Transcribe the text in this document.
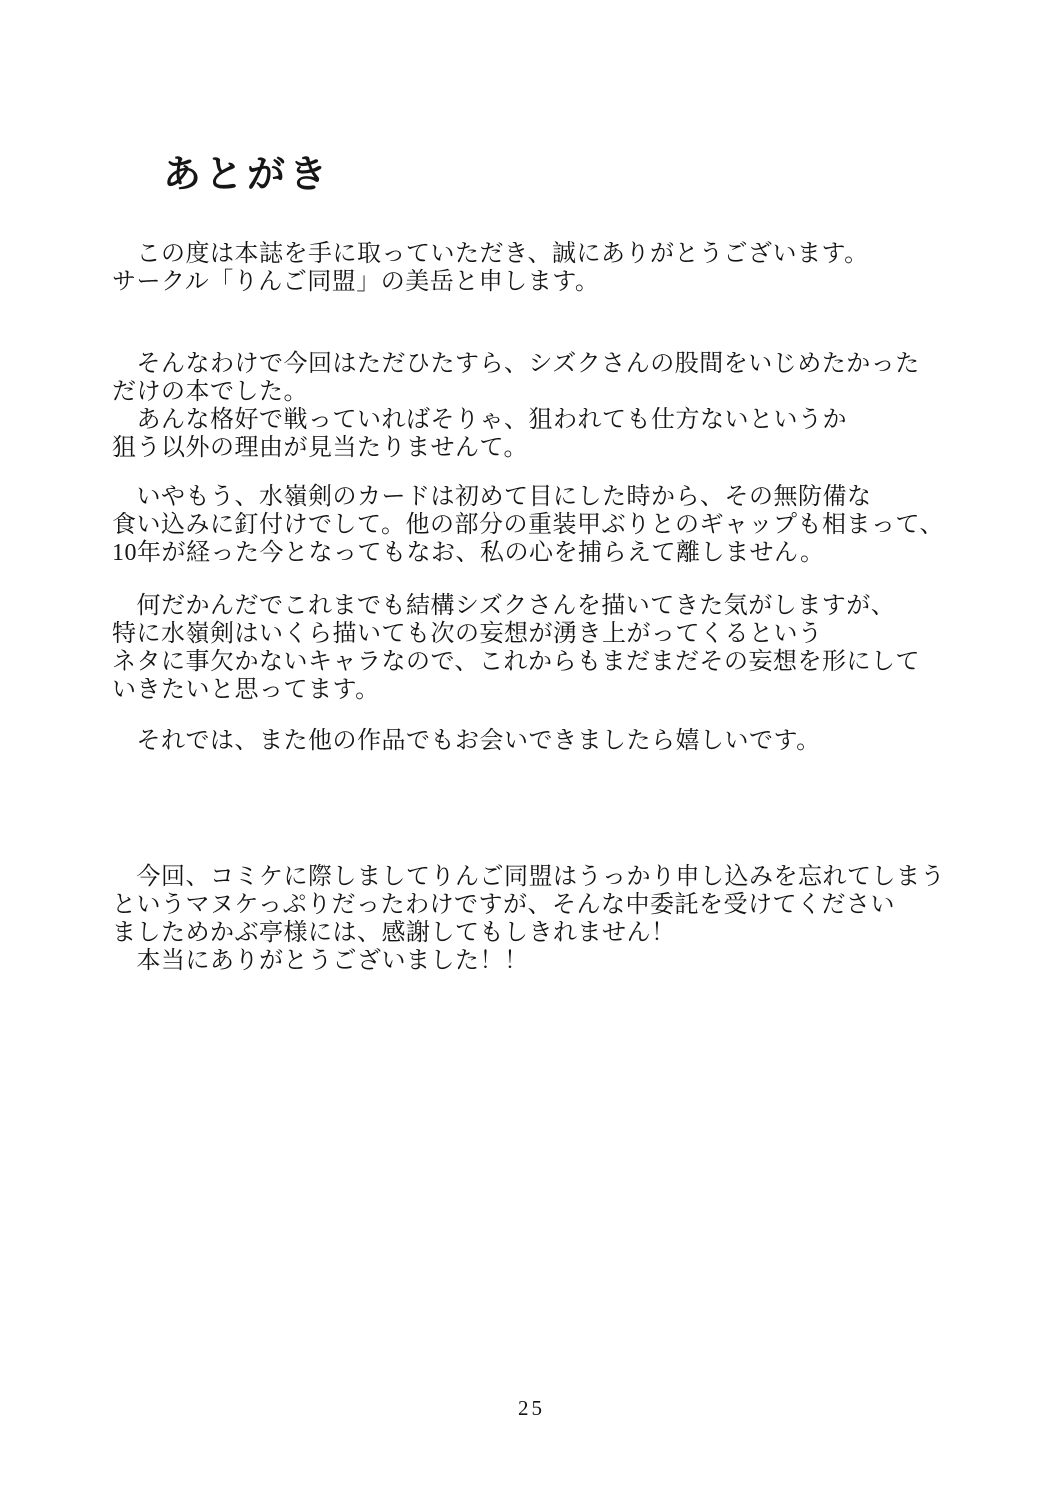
あとがき
　この度は本誌を手に取っていただき、誠にありがとうございます。
サークル「りんご同盟」の美岳と申します。
　そんなわけで今回はただひたすら、シズクさんの股間をいじめたかった
だけの本でした。
　あんな格好で戦っていればそりゃ、狙われても仕方ないというか
狙う以外の理由が見当たりませんて。
　いやもう、水嶺剣のカードは初めて目にした時から、その無防備な
食い込みに釘付けでして。他の部分の重装甲ぶりとのギャップも相まって、
10年が経った今となってもなお、私の心を捕らえて離しません。
　何だかんだでこれまでも結構シズクさんを描いてきた気がしますが、
特に水嶺剣はいくら描いても次の妄想が湧き上がってくるという
ネタに事欠かないキャラなので、これからもまだまだその妄想を形にして
いきたいと思ってます。
　それでは、また他の作品でもお会いできましたら嬉しいです。
　今回、コミケに際しましてりんご同盟はうっかり申し込みを忘れてしまう
というマヌケっぷりだったわけですが、そんな中委託を受けてください
ましためかぶ亭様には、感謝してもしきれません！
　本当にありがとうございました！！
25
